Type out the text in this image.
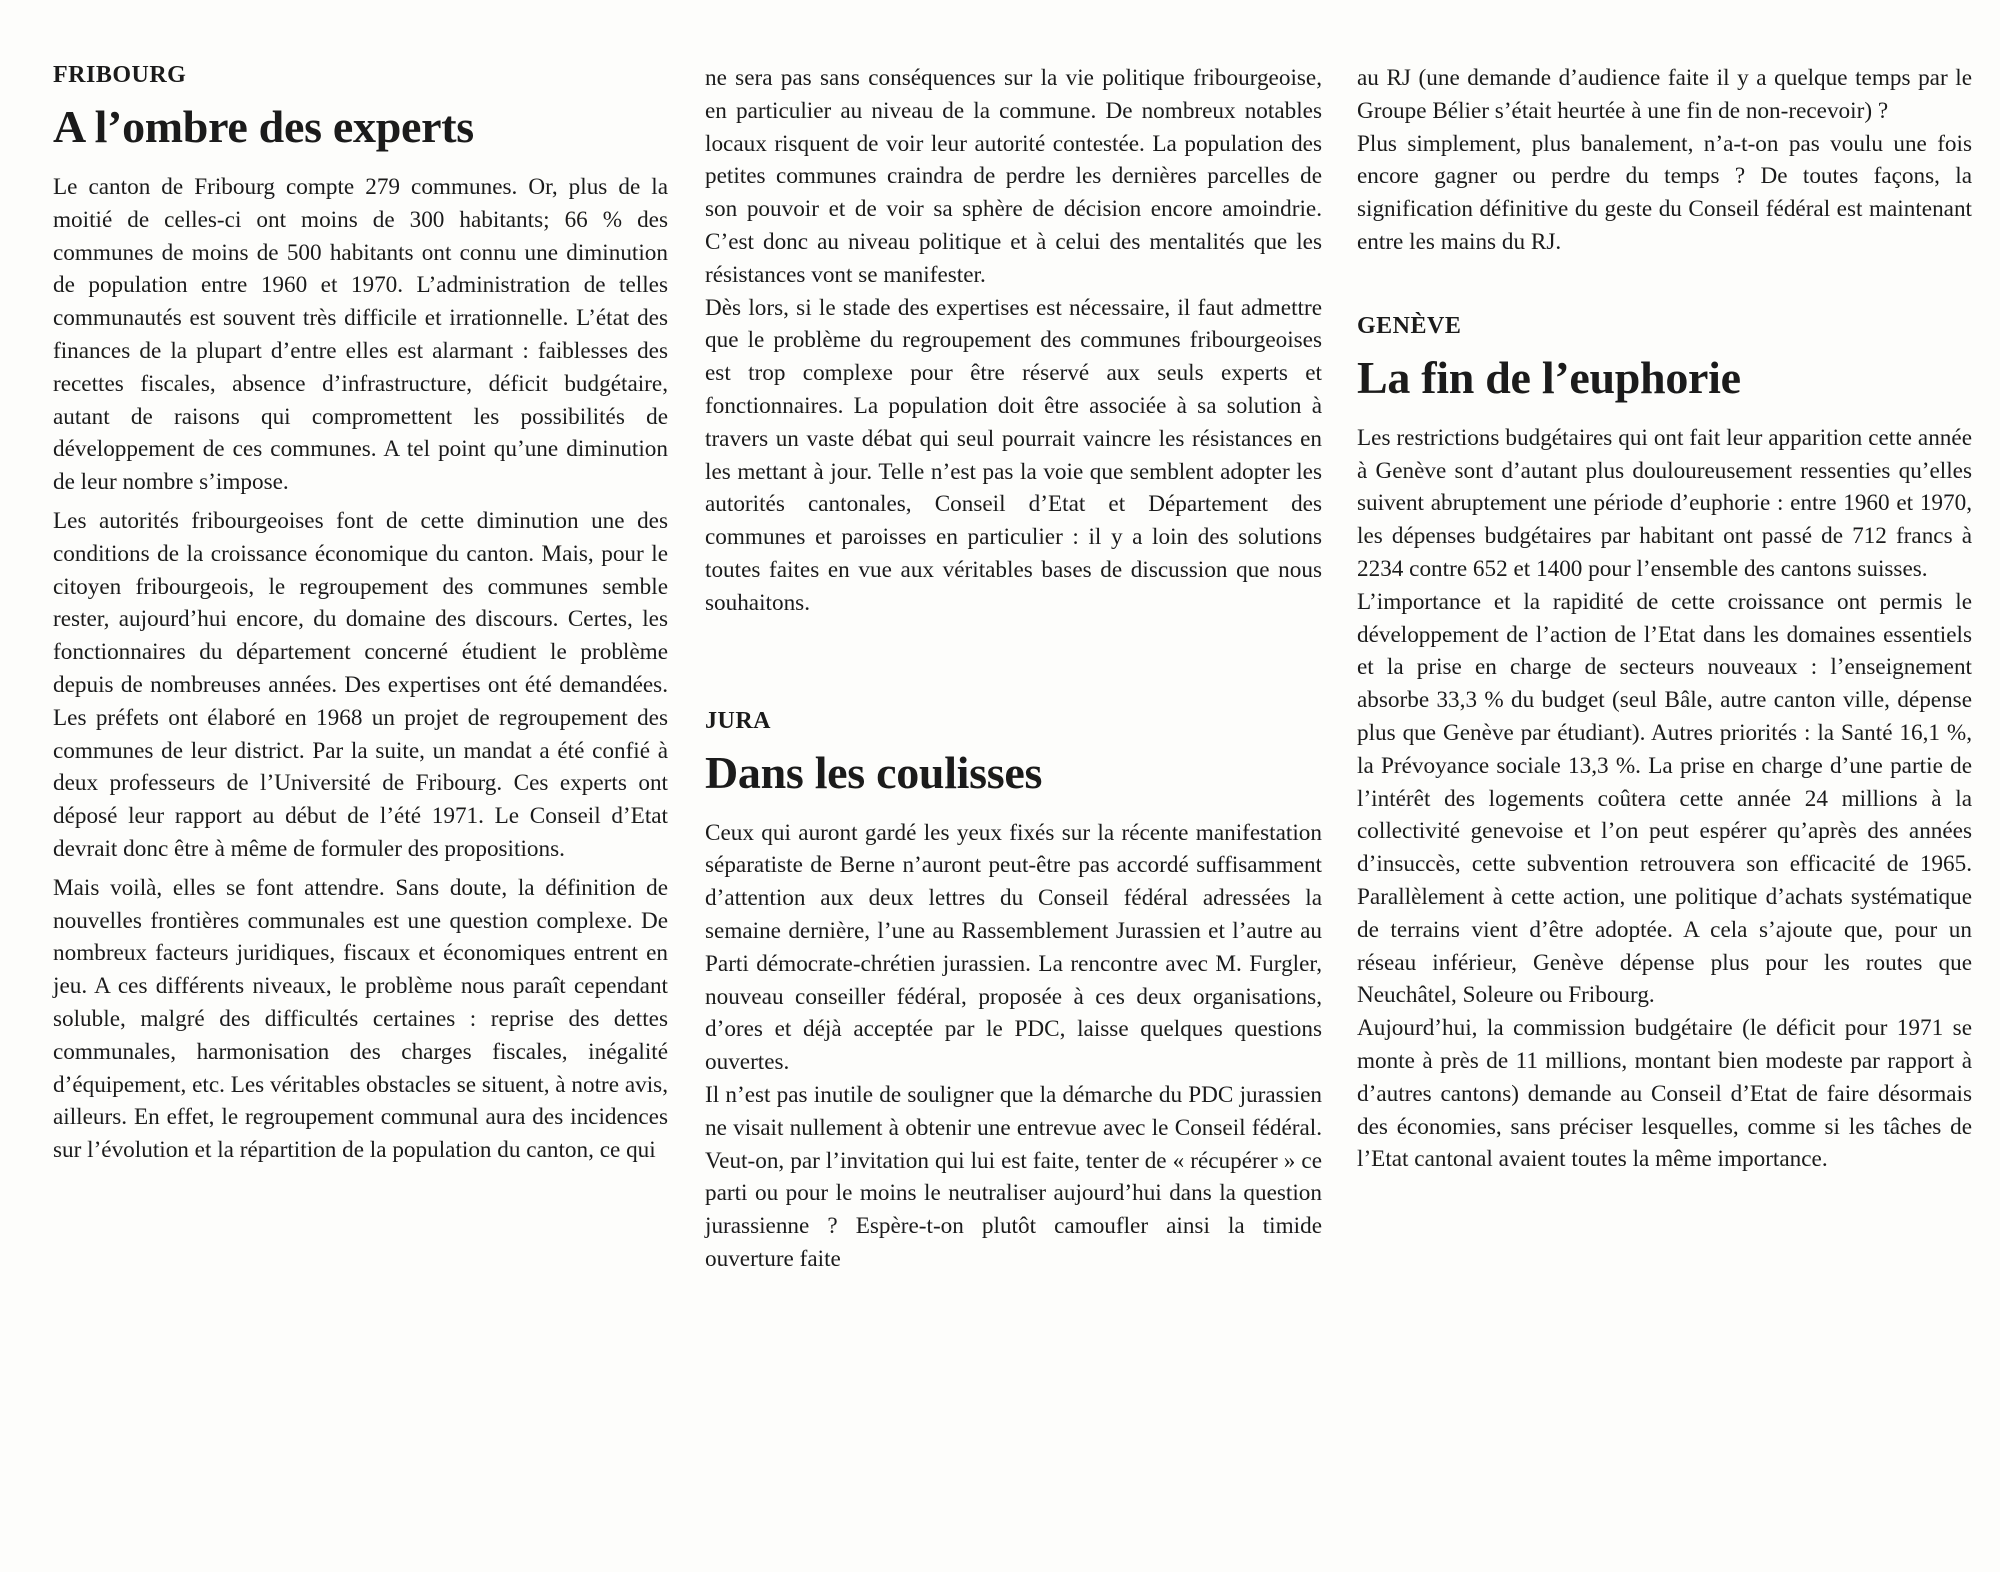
FRIBOURG
A l’ombre des experts

Le canton de Fribourg compte 279 communes. Or, plus de la moitié de celles-ci ont moins de 300 habitants; 66 % des communes de moins de 500 habitants ont connu une diminution de population entre 1960 et 1970. L’administration de telles communautés est souvent très difficile et irrationnelle. L’état des finances de la plupart d’entre elles est alarmant : faiblesses des recettes fiscales, absence d’infrastructure, déficit budgétaire, autant de raisons qui compromettent les possibilités de développement de ces communes. A tel point qu’une diminution de leur nombre s’impose.

Les autorités fribourgeoises font de cette diminution une des conditions de la croissance économique du canton. Mais, pour le citoyen fribourgeois, le regroupement des communes semble rester, aujourd’hui encore, du domaine des discours. Certes, les fonctionnaires du département concerné étudient le problème depuis de nombreuses années. Des expertises ont été demandées. Les préfets ont élaboré en 1968 un projet de regroupement des communes de leur district. Par la suite, un mandat a été confié à deux professeurs de l’Université de Fribourg. Ces experts ont déposé leur rapport au début de l’été 1971. Le Conseil d’Etat devrait donc être à même de formuler des propositions.

Mais voilà, elles se font attendre. Sans doute, la définition de nouvelles frontières communales est une question complexe. De nombreux facteurs juridiques, fiscaux et économiques entrent en jeu. A ces différents niveaux, le problème nous paraît cependant soluble, malgré des difficultés certaines : reprise des dettes communales, harmonisation des charges fiscales, inégalité d’équipement, etc. Les véritables obstacles se situent, à notre avis, ailleurs. En effet, le regroupement communal aura des incidences sur l’évolution et la répartition de la population du canton, ce qui

ne sera pas sans conséquences sur la vie politique fribourgeoise, en particulier au niveau de la commune. De nombreux notables locaux risquent de voir leur autorité contestée. La population des petites communes craindra de perdre les dernières parcelles de son pouvoir et de voir sa sphère de décision encore amoindrie. C’est donc au niveau politique et à celui des mentalités que les résistances vont se manifester.

Dès lors, si le stade des expertises est nécessaire, il faut admettre que le problème du regroupement des communes fribourgeoises est trop complexe pour être réservé aux seuls experts et fonctionnaires. La population doit être associée à sa solution à travers un vaste débat qui seul pourrait vaincre les résistances en les mettant à jour. Telle n’est pas la voie que semblent adopter les autorités cantonales, Conseil d’Etat et Département des communes et paroisses en particulier : il y a loin des solutions toutes faites en vue aux véritables bases de discussion que nous souhaitons.

JURA
Dans les coulisses

Ceux qui auront gardé les yeux fixés sur la récente manifestation séparatiste de Berne n’auront peut-être pas accordé suffisamment d’attention aux deux lettres du Conseil fédéral adressées la semaine dernière, l’une au Rassemblement Jurassien et l’autre au Parti démocrate-chrétien jurassien. La rencontre avec M. Furgler, nouveau conseiller fédéral, proposée à ces deux organisations, d’ores et déjà acceptée par le PDC, laisse quelques questions ouvertes.

Il n’est pas inutile de souligner que la démarche du PDC jurassien ne visait nullement à obtenir une entrevue avec le Conseil fédéral. Veut-on, par l’invitation qui lui est faite, tenter de « récupérer » ce parti ou pour le moins le neutraliser aujourd’hui dans la question jurassienne ? Espère-t-on plutôt camoufler ainsi la timide ouverture faite

au RJ (une demande d’audience faite il y a quelque temps par le Groupe Bélier s’était heurtée à une fin de non-recevoir) ?

Plus simplement, plus banalement, n’a-t-on pas voulu une fois encore gagner ou perdre du temps ? De toutes façons, la signification définitive du geste du Conseil fédéral est maintenant entre les mains du RJ.

GENÈVE
La fin de l’euphorie

Les restrictions budgétaires qui ont fait leur apparition cette année à Genève sont d’autant plus douloureusement ressenties qu’elles suivent abruptement une période d’euphorie : entre 1960 et 1970, les dépenses budgétaires par habitant ont passé de 712 francs à 2234 contre 652 et 1400 pour l’ensemble des cantons suisses.

L’importance et la rapidité de cette croissance ont permis le développement de l’action de l’Etat dans les domaines essentiels et la prise en charge de secteurs nouveaux : l’enseignement absorbe 33,3 % du budget (seul Bâle, autre canton ville, dépense plus que Genève par étudiant). Autres priorités : la Santé 16,1 %, la Prévoyance sociale 13,3 %. La prise en charge d’une partie de l’intérêt des logements coûtera cette année 24 millions à la collectivité genevoise et l’on peut espérer qu’après des années d’insuccès, cette subvention retrouvera son efficacité de 1965. Parallèlement à cette action, une politique d’achats systématique de terrains vient d’être adoptée. A cela s’ajoute que, pour un réseau inférieur, Genève dépense plus pour les routes que Neuchâtel, Soleure ou Fribourg.

Aujourd’hui, la commission budgétaire (le déficit pour 1971 se monte à près de 11 millions, montant bien modeste par rapport à d’autres cantons) demande au Conseil d’Etat de faire désormais des économies, sans préciser lesquelles, comme si les tâches de l’Etat cantonal avaient toutes la même importance.
